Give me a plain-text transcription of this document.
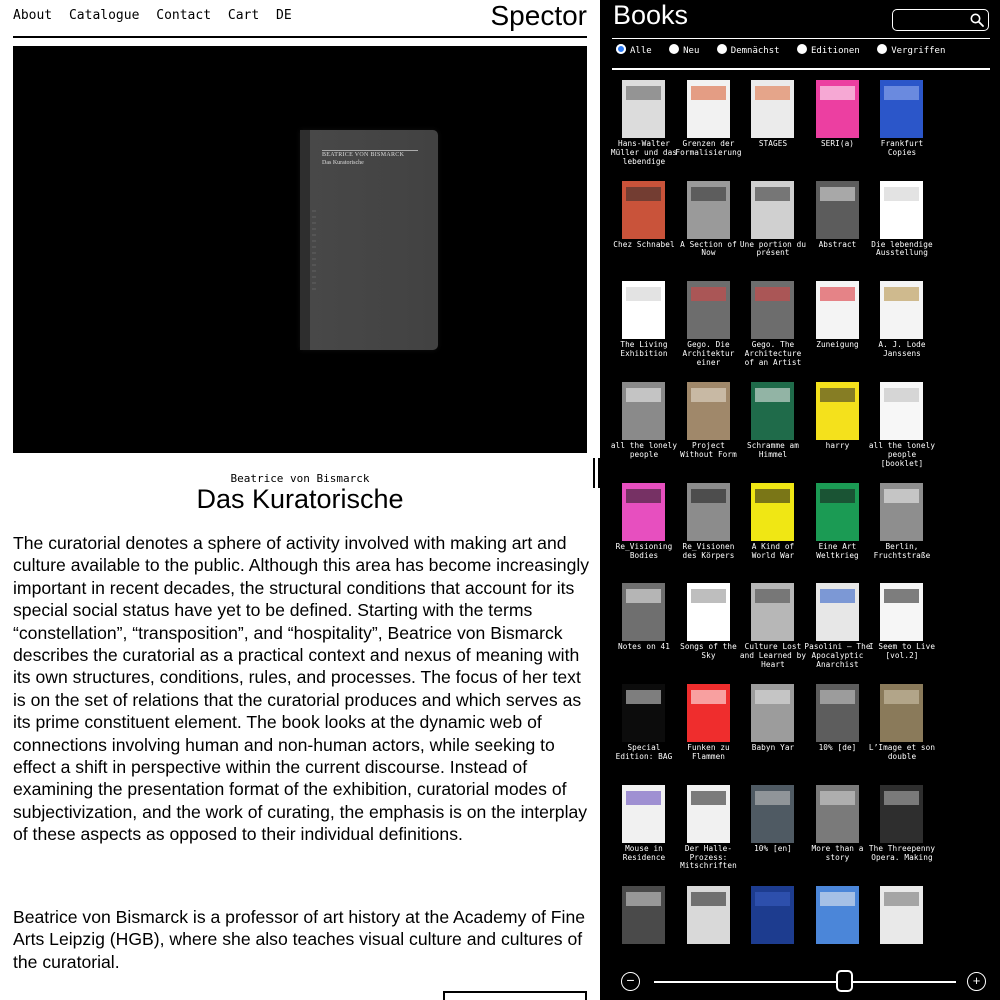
About Catalogue Contact Cart DE	Spector
BEATRICE VON BISMARCK
Das Kuratorische
Beatrice von Bismarck
Das Kuratorische

The curatorial denotes a sphere of activity involved with making art and culture available to the public. Although this area has become increasingly important in recent decades, the structural conditions that account for its special social status have yet to be defined. Starting with the terms “constellation”, “transposition”, and “hospitality”, Beatrice von Bismarck describes the curatorial as a practical context and nexus of meaning with its own structures, conditions, rules, and processes. The focus of her text is on the set of relations that the curatorial produces and which serves as its prime constituent element. The book looks at the dynamic web of connections involving human and non-human actors, while seeking to effect a shift in perspective within the current discourse. Instead of examining the presentation format of the exhibition, curatorial modes of subjectivization, and the work of curating, the emphasis is on the interplay of these aspects as opposed to their individual definitions.

Beatrice von Bismarck is a professor of art history at the Academy of Fine Arts Leipzig (HGB), where she also teaches visual culture and cultures of the curatorial.

Books
Alle	Neu	Demnächst	Editionen	Vergriffen
Hans-Walter Müller und das lebendige
Grenzen der Formalisierung
STAGES	SERI(a)	Frankfurt Copies
Chez Schnabel A Section of Now
Une portion du présent
Abstract	Die lebendige Ausstellung
The Living Exhibition
Gego. Die Architektur einer
Gego. The Architecture of an Artist
Zuneigung	A. J. Lode Janssens
all the lonely people
Project Without Form
Schramme am Himmel
harry	all the lonely people [booklet]
Re_Visioning Bodies
Re_Visionen des Körpers
A Kind of World War
Eine Art Weltkrieg
Berlin, Fruchtstraße
Notes on 41	Songs of the Sky
Culture Lost and Learned by Heart
Pasolini – The Apocalyptic Anarchist
I Seem to Live [vol.2]
Special Edition: BAG
Funken zu Flammen
Babyn Yar	10% [de]	L’Image et son double
Mouse in Residence
Der Halle-Prozess: Mitschriften
10% [en]	More than a story
The Threepenny Opera. Making
−	+
